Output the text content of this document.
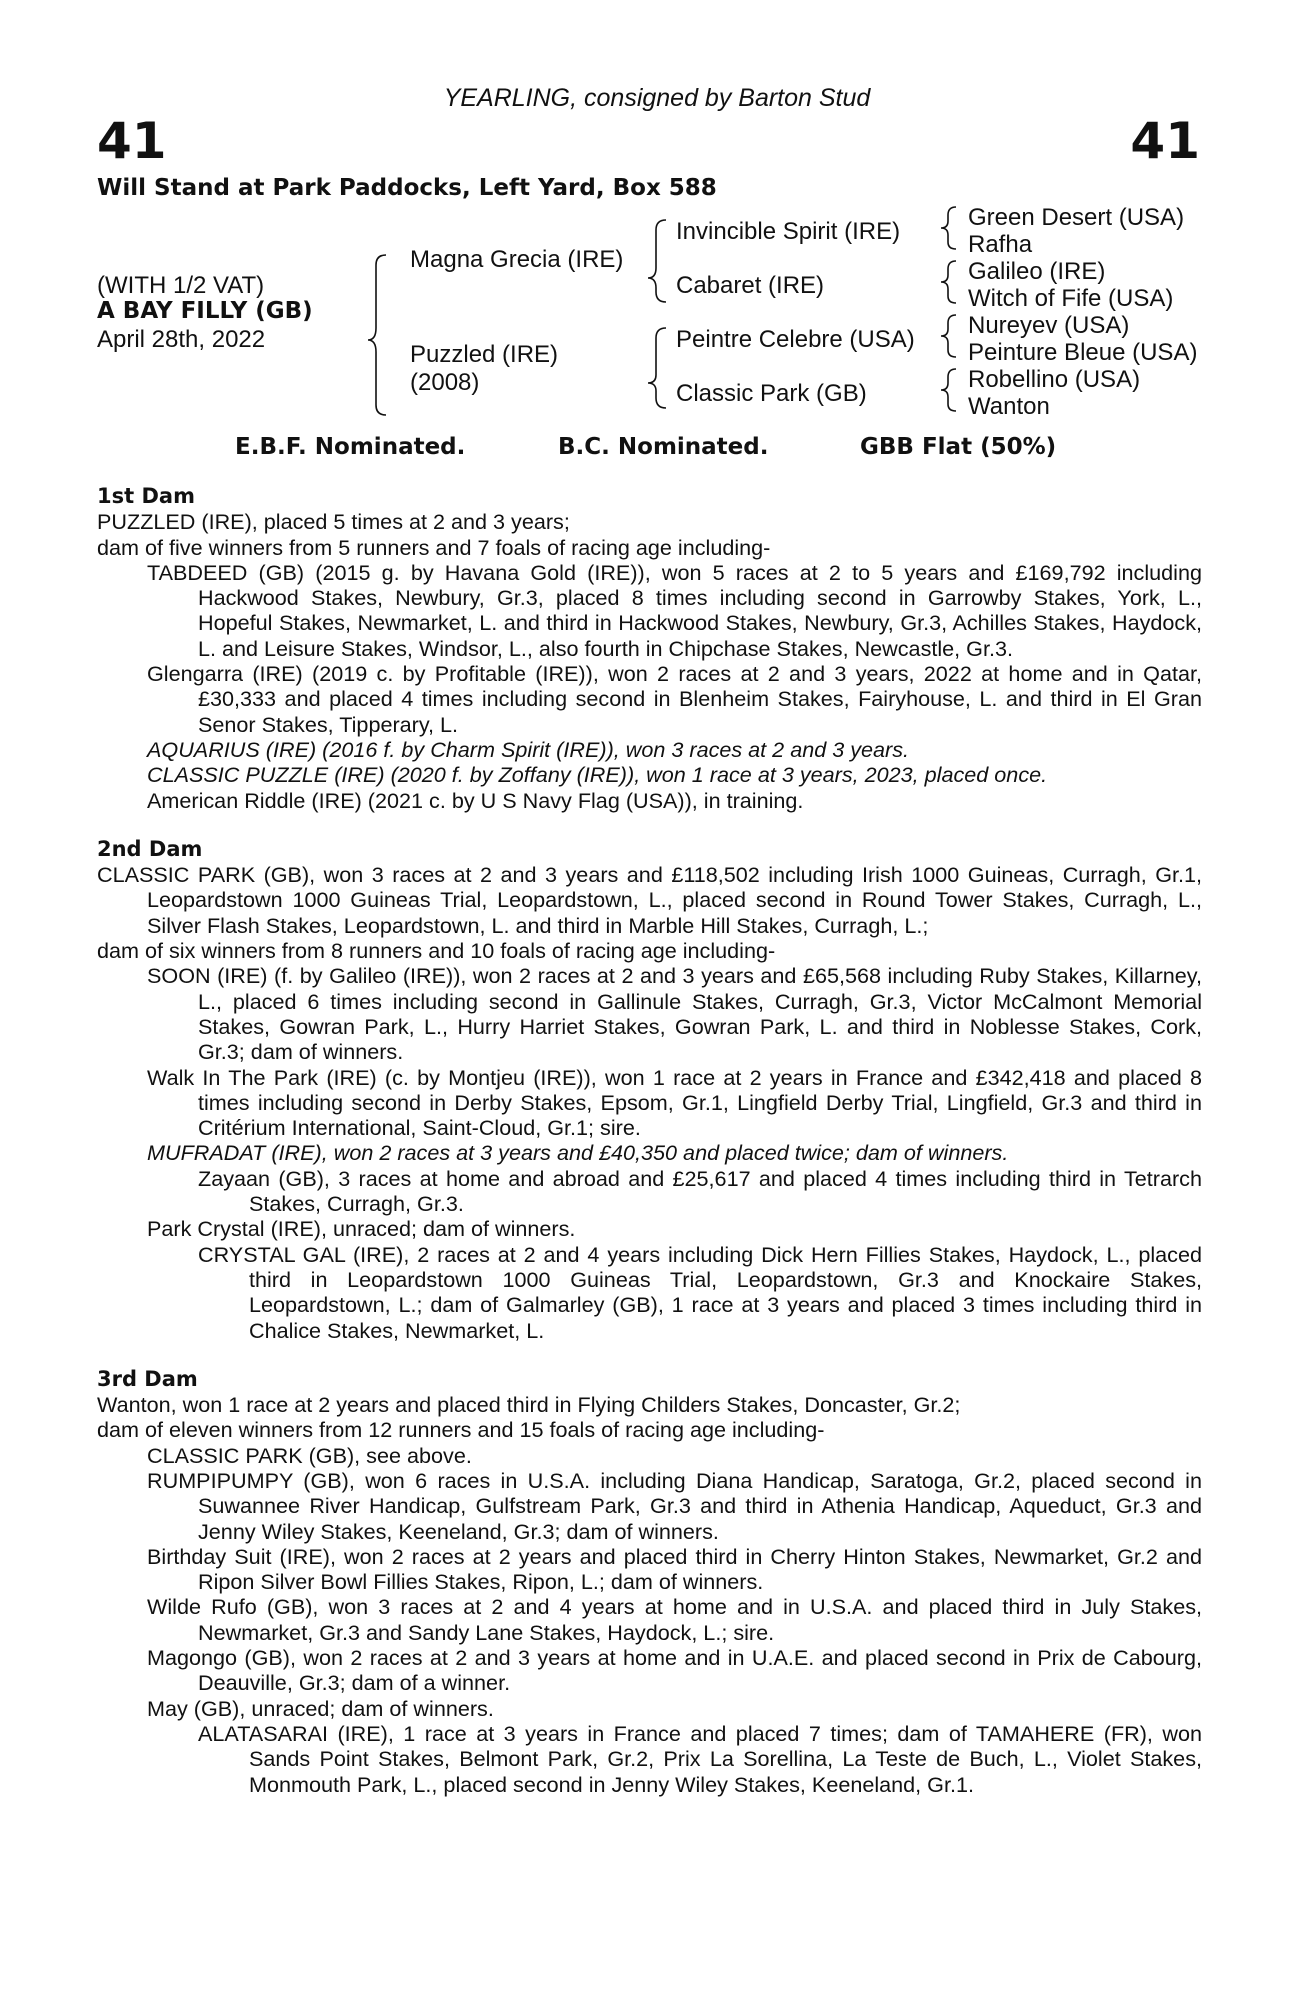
41	41
YEARLING, consigned by Barton Stud
Will Stand at Park Paddocks, Left Yard, Box 588
(WITH 1/2 VAT)
A BAY FILLY (GB)
April 28th, 2022
Magna Grecia (IRE)
Puzzled (IRE)
(2008)
Invincible Spirit (IRE)
Cabaret (IRE)
Peintre Celebre (USA)
Classic Park (GB)
Green Desert (USA)
Rafha
Galileo (IRE)
Witch of Fife (USA)
Nureyev (USA)
Peinture Bleue (USA)
Robellino (USA)
Wanton
E.B.F. Nominated.	B.C. Nominated.	GBB Flat (50%)

1st Dam

PUZZLED (IRE), placed 5 times at 2 and 3 years;

dam of five winners from 5 runners and 7 foals of racing age including-

TABDEED (GB) (2015 g. by Havana Gold (IRE)), won 5 races at 2 to 5 years and £169,792 including Hackwood Stakes, Newbury, Gr.3, placed 8 times including second in Garrowby Stakes, York, L., Hopeful Stakes, Newmarket, L. and third in Hackwood Stakes, Newbury, Gr.3, Achilles Stakes, Haydock, L. and Leisure Stakes, Windsor, L., also fourth in Chipchase Stakes, Newcastle, Gr.3.

Glengarra (IRE) (2019 c. by Profitable (IRE)), won 2 races at 2 and 3 years, 2022 at home and in Qatar, £30,333 and placed 4 times including second in Blenheim Stakes, Fairyhouse, L. and third in El Gran Senor Stakes, Tipperary, L.

AQUARIUS (IRE) (2016 f. by Charm Spirit (IRE)), won 3 races at 2 and 3 years.

CLASSIC PUZZLE (IRE) (2020 f. by Zoffany (IRE)), won 1 race at 3 years, 2023, placed once.

American Riddle (IRE) (2021 c. by U S Navy Flag (USA)), in training.

2nd Dam

CLASSIC PARK (GB), won 3 races at 2 and 3 years and £118,502 including Irish 1000 Guineas, Curragh, Gr.1, Leopardstown 1000 Guineas Trial, Leopardstown, L., placed second in Round Tower Stakes, Curragh, L., Silver Flash Stakes, Leopardstown, L. and third in Marble Hill Stakes, Curragh, L.;

dam of six winners from 8 runners and 10 foals of racing age including-

SOON (IRE) (f. by Galileo (IRE)), won 2 races at 2 and 3 years and £65,568 including Ruby Stakes, Killarney, L., placed 6 times including second in Gallinule Stakes, Curragh, Gr.3, Victor McCalmont Memorial Stakes, Gowran Park, L., Hurry Harriet Stakes, Gowran Park, L. and third in Noblesse Stakes, Cork, Gr.3; dam of winners.

Walk In The Park (IRE) (c. by Montjeu (IRE)), won 1 race at 2 years in France and £342,418 and placed 8 times including second in Derby Stakes, Epsom, Gr.1, Lingfield Derby Trial, Lingfield, Gr.3 and third in Critérium International, Saint-Cloud, Gr.1; sire.

MUFRADAT (IRE), won 2 races at 3 years and £40,350 and placed twice; dam of winners.

Zayaan (GB), 3 races at home and abroad and £25,617 and placed 4 times including third in Tetrarch Stakes, Curragh, Gr.3.

Park Crystal (IRE), unraced; dam of winners.

CRYSTAL GAL (IRE), 2 races at 2 and 4 years including Dick Hern Fillies Stakes, Haydock, L., placed third in Leopardstown 1000 Guineas Trial, Leopardstown, Gr.3 and Knockaire Stakes, Leopardstown, L.; dam of Galmarley (GB), 1 race at 3 years and placed 3 times including third in Chalice Stakes, Newmarket, L.

3rd Dam

Wanton, won 1 race at 2 years and placed third in Flying Childers Stakes, Doncaster, Gr.2;

dam of eleven winners from 12 runners and 15 foals of racing age including-

CLASSIC PARK (GB), see above.

RUMPIPUMPY (GB), won 6 races in U.S.A. including Diana Handicap, Saratoga, Gr.2, placed second in Suwannee River Handicap, Gulfstream Park, Gr.3 and third in Athenia Handicap, Aqueduct, Gr.3 and Jenny Wiley Stakes, Keeneland, Gr.3; dam of winners.

Birthday Suit (IRE), won 2 races at 2 years and placed third in Cherry Hinton Stakes, Newmarket, Gr.2 and Ripon Silver Bowl Fillies Stakes, Ripon, L.; dam of winners.

Wilde Rufo (GB), won 3 races at 2 and 4 years at home and in U.S.A. and placed third in July Stakes, Newmarket, Gr.3 and Sandy Lane Stakes, Haydock, L.; sire.

Magongo (GB), won 2 races at 2 and 3 years at home and in U.A.E. and placed second in Prix de Cabourg, Deauville, Gr.3; dam of a winner.

May (GB), unraced; dam of winners.

ALATASARAI (IRE), 1 race at 3 years in France and placed 7 times; dam of TAMAHERE (FR), won Sands Point Stakes, Belmont Park, Gr.2, Prix La Sorellina, La Teste de Buch, L., Violet Stakes, Monmouth Park, L., placed second in Jenny Wiley Stakes, Keeneland, Gr.1.
